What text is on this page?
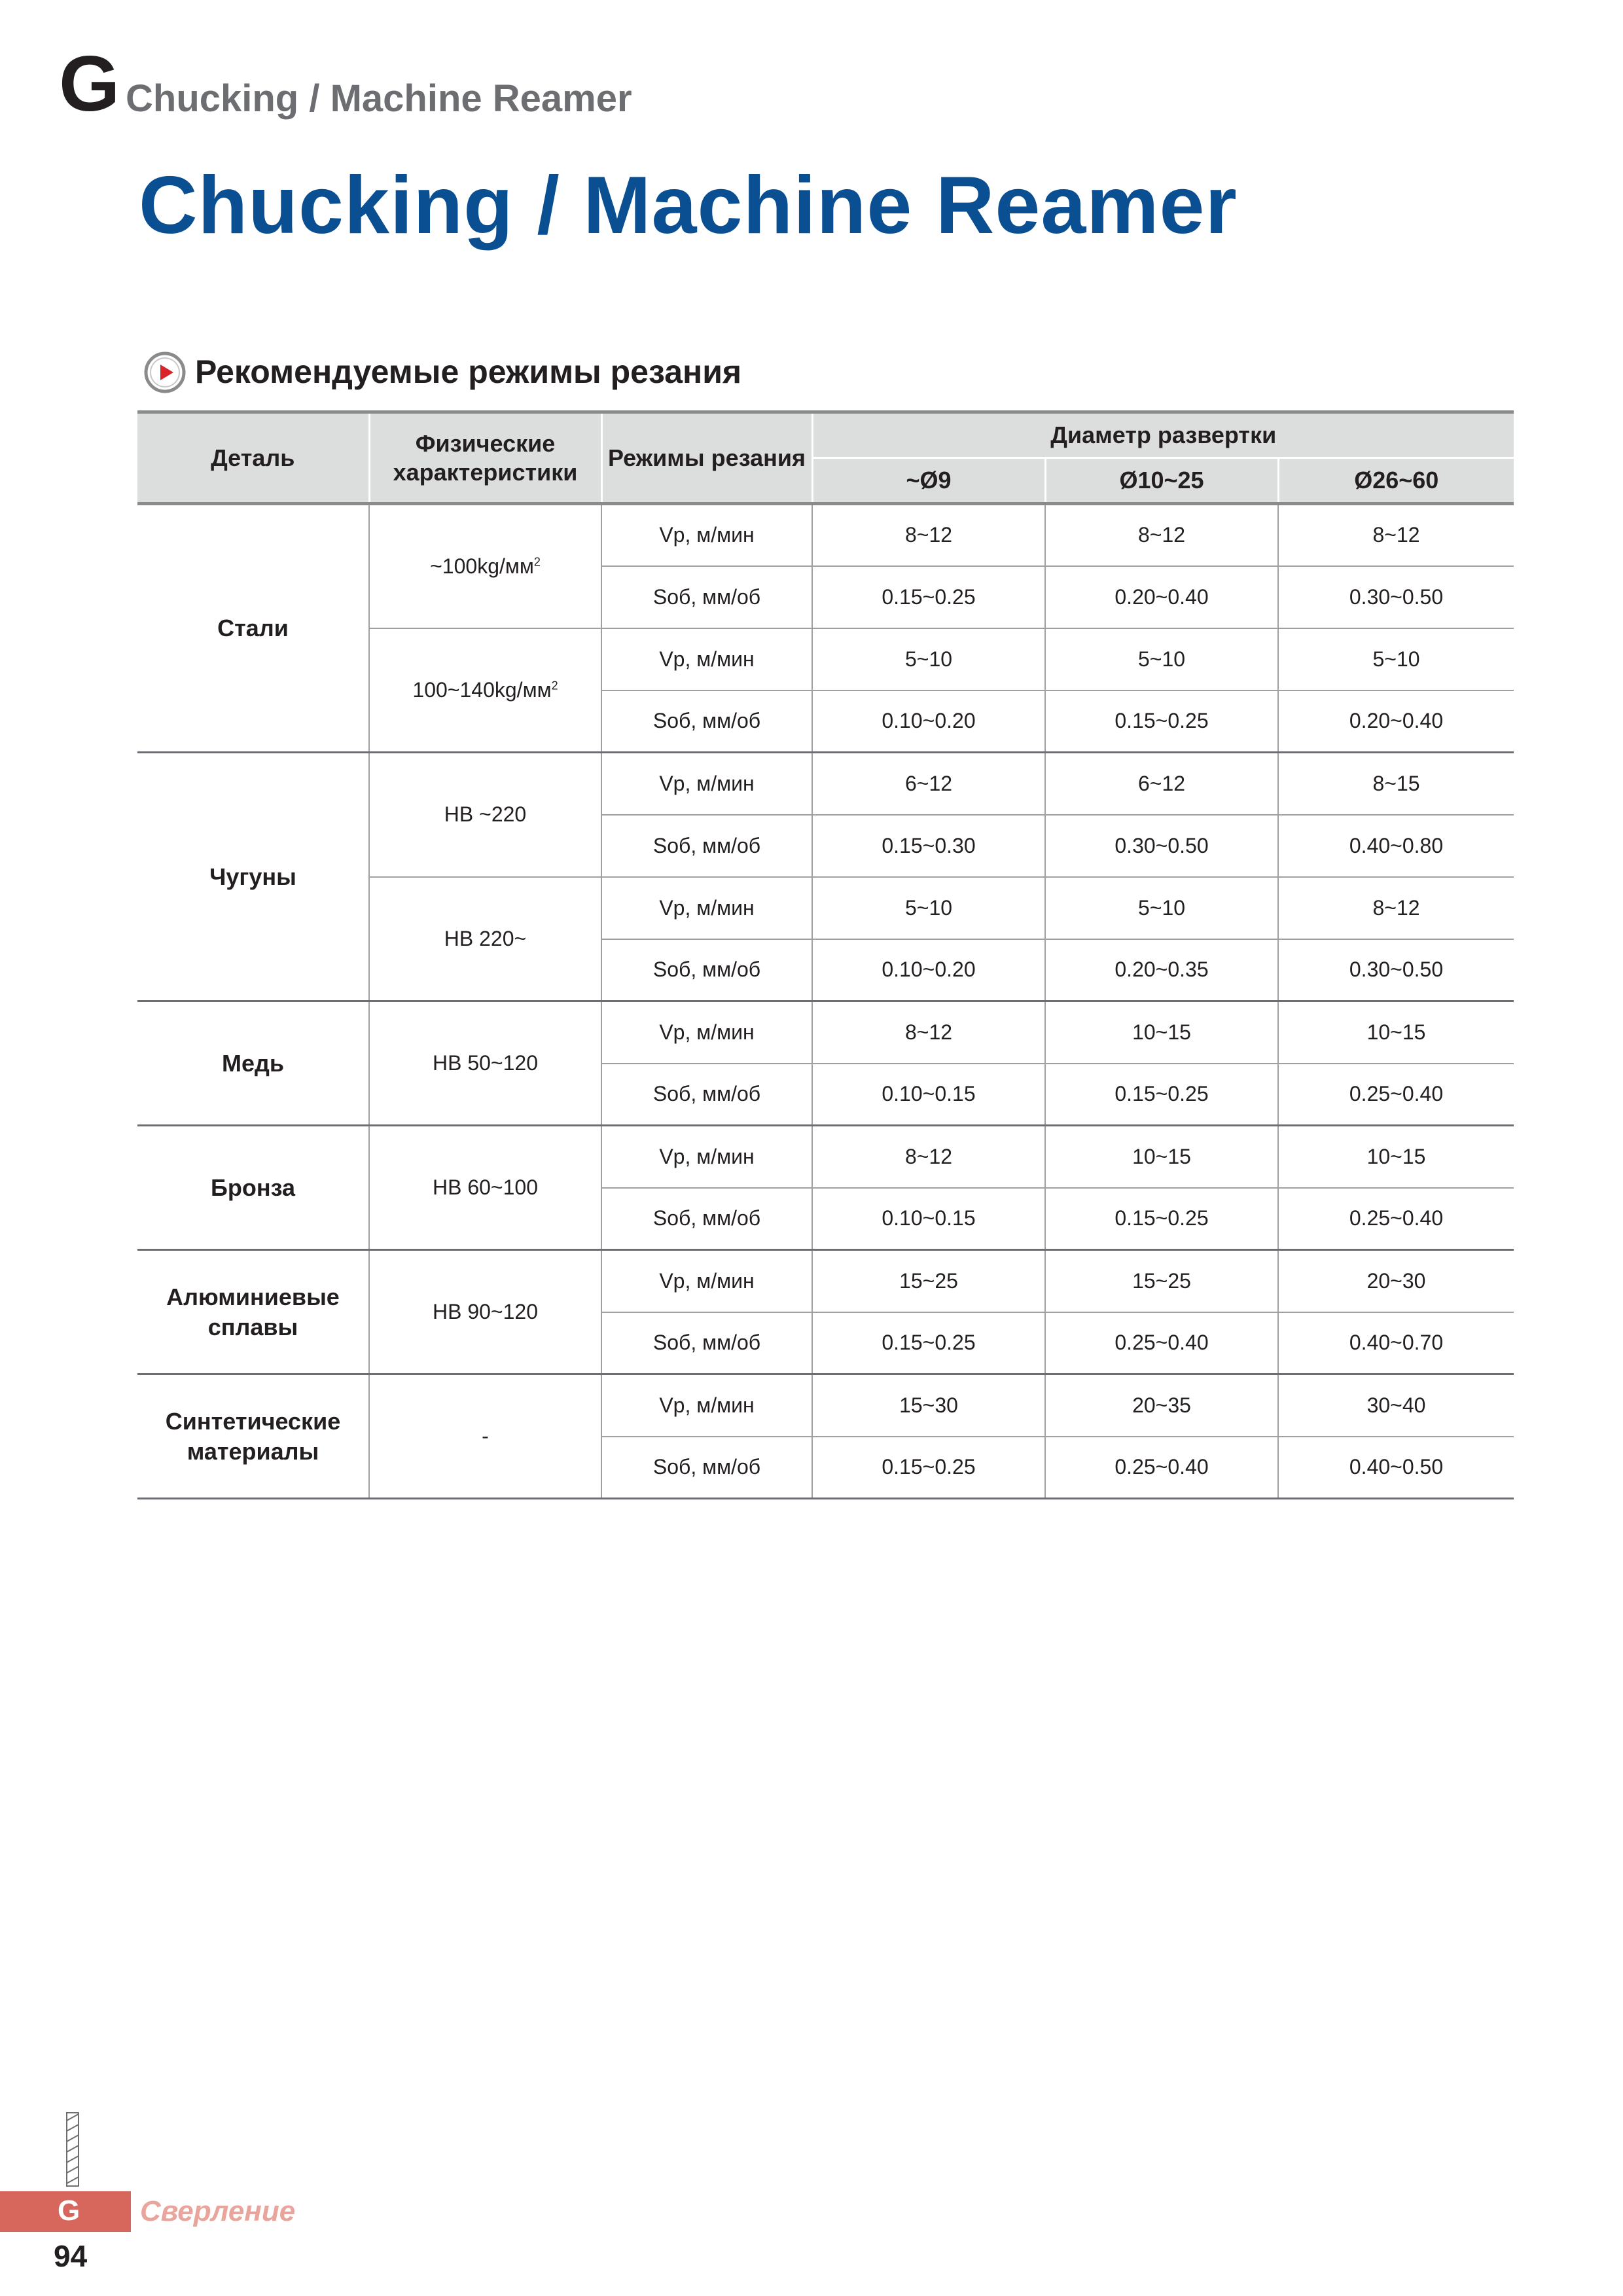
G Chucking / Machine Reamer
Chucking / Machine Reamer
Рекомендуемые режимы резания
Деталь	Физические характеристики	Режимы резания	Диаметр развертки		
			~Ø9	Ø10~25	Ø26~60
Стали	$\sim 100kg/мм^2$	Vp, м/мин	8~12	8~12	8~12
		Sоб, мм/об	0.15~0.25	0.20~0.40	0.30~0.50
	$100\sim 140kg/мм^2$	Vp, м/мин	5~10	5~10	5~10
		Sоб, мм/об	0.10~0.20	0.15~0.25	0.20~0.40
Чугуны	HB ~220	Vp, м/мин	6~12	6~12	8~15
		Sоб, мм/об	0.15~0.30	0.30~0.50	0.40~0.80
	HB 220~	Vp, м/мин	5~10	5~10	8~12
		Sоб, мм/об	0.10~0.20	0.20~0.35	0.30~0.50
Медь	HB 50~120	Vp, м/мин	8~12	10~15	10~15
		Sоб, мм/об	0.10~0.15	0.15~0.25	0.25~0.40
Бронза	HB 60~100	Vp, м/мин	8~12	10~15	10~15
		Sоб, мм/об	0.10~0.15	0.15~0.25	0.25~0.40
Алюминиевые сплавы	HB 90~120	Vp, м/мин	15~25	15~25	20~30
		Sоб, мм/об	0.15~0.25	0.25~0.40	0.40~0.70
Синтетические материалы	-	Vp, м/мин	15~30	20~35	30~40
		Sоб, мм/об	0.15~0.25	0.25~0.40	0.40~0.50
G Сверление
94
